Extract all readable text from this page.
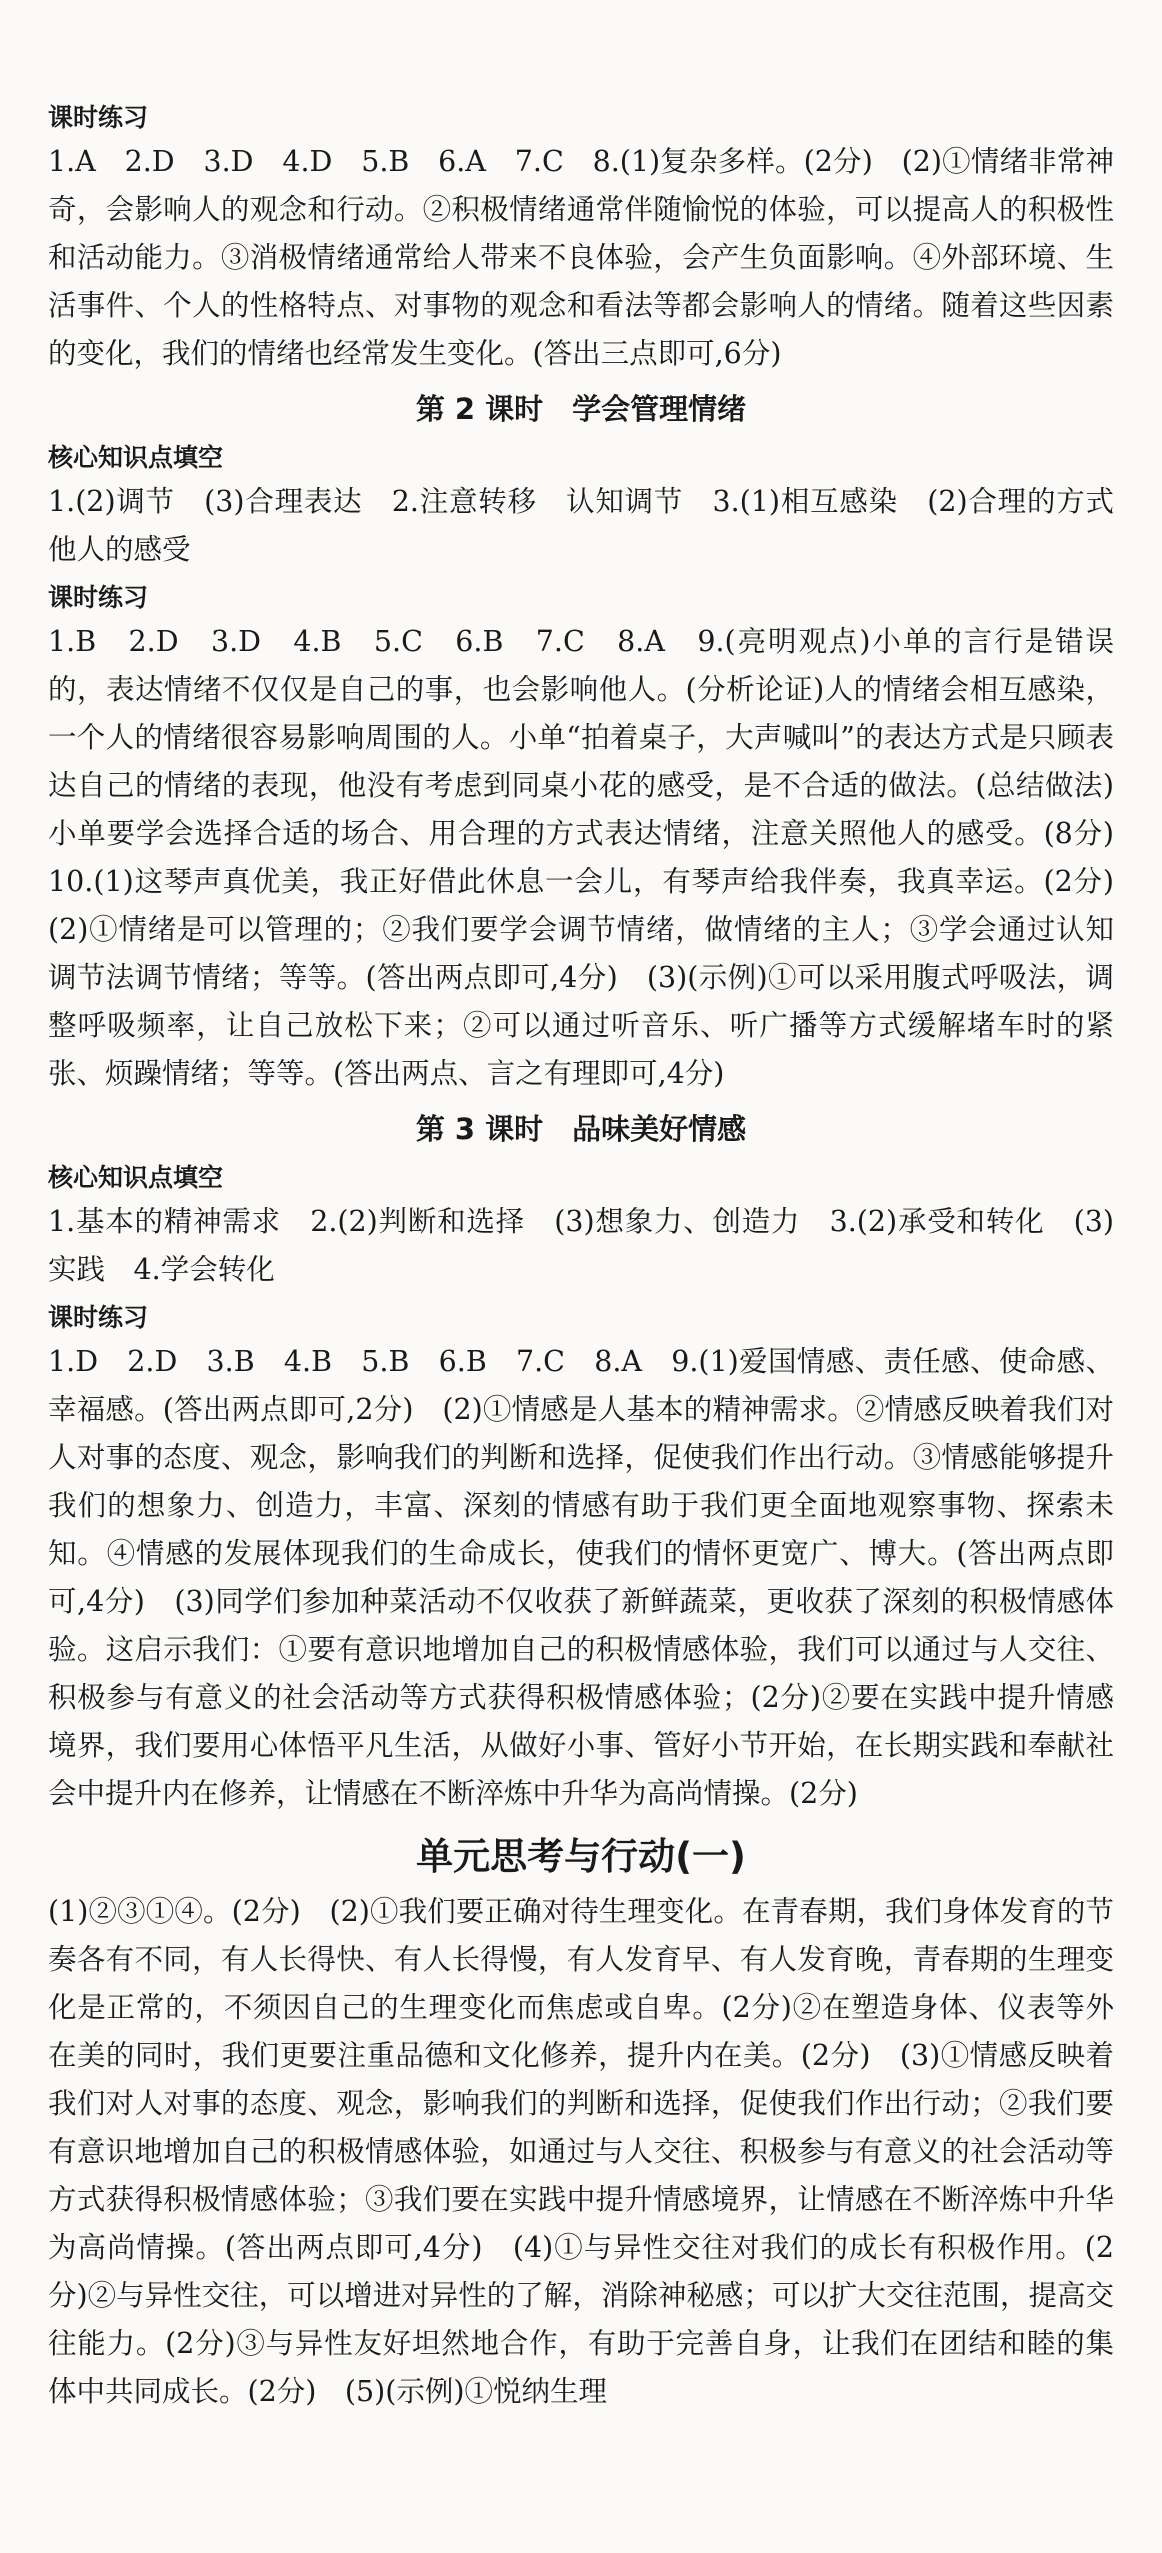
课时练习

1.A　2.D　3.D　4.D　5.B　6.A　7.C　8.(1)复杂多样。(2分)　(2)①情绪非常神奇，会影响人的观念和行动。②积极情绪通常伴随愉悦的体验，可以提高人的积极性和活动能力。③消极情绪通常给人带来不良体验，会产生负面影响。④外部环境、生活事件、个人的性格特点、对事物的观念和看法等都会影响人的情绪。随着这些因素的变化，我们的情绪也经常发生变化。(答出三点即可,6分)

第 2 课时　学会管理情绪

核心知识点填空

1.(2)调节　(3)合理表达　2.注意转移　认知调节　3.(1)相互感染　(2)合理的方式　他人的感受

课时练习

1.B　2.D　3.D　4.B　5.C　6.B　7.C　8.A　9.(亮明观点)小单的言行是错误的，表达情绪不仅仅是自己的事，也会影响他人。(分析论证)人的情绪会相互感染，一个人的情绪很容易影响周围的人。小单“拍着桌子，大声喊叫”的表达方式是只顾表达自己的情绪的表现，他没有考虑到同桌小花的感受，是不合适的做法。(总结做法)小单要学会选择合适的场合、用合理的方式表达情绪，注意关照他人的感受。(8分)　10.(1)这琴声真优美，我正好借此休息一会儿，有琴声给我伴奏，我真幸运。(2分)　(2)①情绪是可以管理的；②我们要学会调节情绪，做情绪的主人；③学会通过认知调节法调节情绪；等等。(答出两点即可,4分)　(3)(示例)①可以采用腹式呼吸法，调整呼吸频率，让自己放松下来；②可以通过听音乐、听广播等方式缓解堵车时的紧张、烦躁情绪；等等。(答出两点、言之有理即可,4分)

第 3 课时　品味美好情感

核心知识点填空

1.基本的精神需求　2.(2)判断和选择　(3)想象力、创造力　3.(2)承受和转化　(3)实践　4.学会转化

课时练习

1.D　2.D　3.B　4.B　5.B　6.B　7.C　8.A　9.(1)爱国情感、责任感、使命感、幸福感。(答出两点即可,2分)　(2)①情感是人基本的精神需求。②情感反映着我们对人对事的态度、观念，影响我们的判断和选择，促使我们作出行动。③情感能够提升我们的想象力、创造力，丰富、深刻的情感有助于我们更全面地观察事物、探索未知。④情感的发展体现我们的生命成长，使我们的情怀更宽广、博大。(答出两点即可,4分)　(3)同学们参加种菜活动不仅收获了新鲜蔬菜，更收获了深刻的积极情感体验。这启示我们：①要有意识地增加自己的积极情感体验，我们可以通过与人交往、积极参与有意义的社会活动等方式获得积极情感体验；(2分)②要在实践中提升情感境界，我们要用心体悟平凡生活，从做好小事、管好小节开始，在长期实践和奉献社会中提升内在修养，让情感在不断淬炼中升华为高尚情操。(2分)

单元思考与行动(一)

(1)②③①④。(2分)　(2)①我们要正确对待生理变化。在青春期，我们身体发育的节奏各有不同，有人长得快、有人长得慢，有人发育早、有人发育晚，青春期的生理变化是正常的，不须因自己的生理变化而焦虑或自卑。(2分)②在塑造身体、仪表等外在美的同时，我们更要注重品德和文化修养，提升内在美。(2分)　(3)①情感反映着我们对人对事的态度、观念，影响我们的判断和选择，促使我们作出行动；②我们要有意识地增加自己的积极情感体验，如通过与人交往、积极参与有意义的社会活动等方式获得积极情感体验；③我们要在实践中提升情感境界，让情感在不断淬炼中升华为高尚情操。(答出两点即可,4分)　(4)①与异性交往对我们的成长有积极作用。(2分)②与异性交往，可以增进对异性的了解，消除神秘感；可以扩大交往范围，提高交往能力。(2分)③与异性友好坦然地合作，有助于完善自身，让我们在团结和睦的集体中共同成长。(2分)　(5)(示例)①悦纳生理
